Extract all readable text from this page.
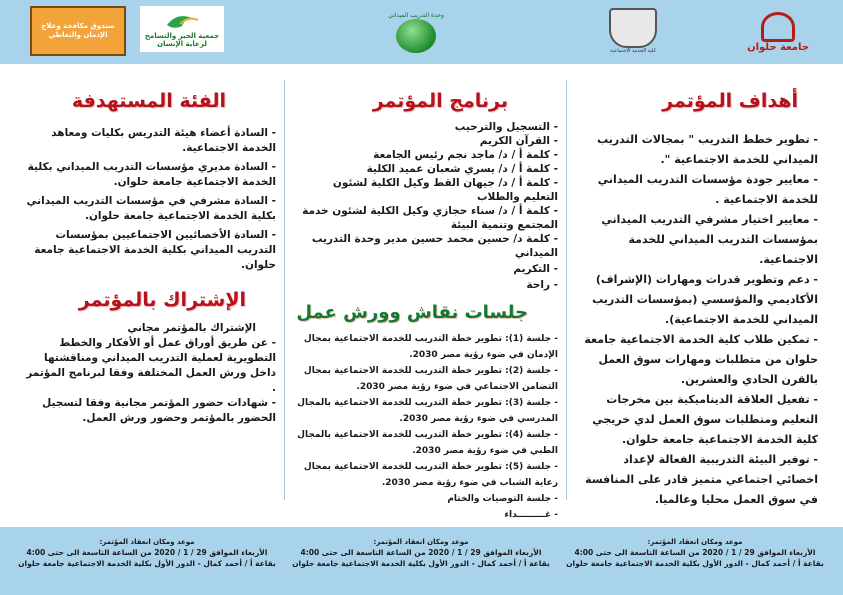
صندوق مكافحة وعلاج الإدمان والتعاطي	جمعية الخير والتسامح لرعاية الإنسان
وحدة التدريب الميداني
كلية الخدمة الاجتماعية	جامعة حلوان
أهداف المؤتمر

- تطوير خطط التدريب " بمجالات التدريب الميداني للخدمة الاجتماعية ".

- معايير جودة مؤسسات التدريب الميداني للخدمة الاجتماعية .

- معايير اختيار مشرفي التدريب الميداني بمؤسسات التدريب الميداني للخدمة الاجتماعية.

- دعم وتطوير قدرات ومهارات (الإشراف) الأكاديمي والمؤسسي (بمؤسسات التدريب الميداني للخدمة الاجتماعية).

- تمكين طلاب كلية الخدمة الاجتماعية جامعة حلوان من متطلبات ومهارات سوق العمل بالقرن الحادي والعشرين.

- تفعيل العلاقة الديناميكية بين مخرجات التعليم ومتطلبات سوق العمل لدي خريجي كلية الخدمة الاجتماعية جامعة حلوان.

- توفير البيئة التدريبية الفعالة لإعداد اخصائي اجتماعي متميز قادر على المنافسة في سوق العمل محليا وعالميا.

برنامج المؤتمر

- التسجيل والترحيب

- القرآن الكريم

- كلمة أ / د/ ماجد نجم رئيس الجامعة

- كلمة أ / د/ يسري شعبان عميد الكلية

- كلمة أ / د/ جيهان القط وكيل الكلية لشئون التعليم والطلاب

- كلمة أ / د/ سناء حجازي وكيل الكلية لشئون خدمة المجتمع وتنمية البيئة

- كلمة د/ حسين محمد حسين مدير وحدة التدريب الميداني

- التكريم

- راحة

جلسات نقاش وورش عمل

- جلسة (1): تطوير خطة التدريب للخدمة الاجتماعية بمجال الإدمان في ضوء رؤية مصر 2030.

- جلسة (2): تطوير خطة التدريب للخدمة الاجتماعية بمجال التضامن الاجتماعي في ضوء رؤية مصر 2030.

- جلسة (3): تطوير خطة التدريب للخدمة الاجتماعية بالمجال المدرسي في ضوء رؤية مصر 2030.

- جلسة (4): تطوير خطة التدريب للخدمة الاجتماعية بالمجال الطبي في ضوء رؤية مصر 2030.

- جلسة (5): تطوير خطة التدريب للخدمة الاجتماعية بمجال رعاية الشباب في ضوء رؤية مصر 2030.

- جلسة التوصيات والختام

- غـــــــــداء

الفئة المستهدفة

- السادة أعضاء هيئة التدريس بكليات ومعاهد الخدمة الاجتماعية.

- السادة مديري مؤسسات التدريب الميداني بكلية الخدمة الاجتماعية جامعة حلوان.

- السادة مشرفي في مؤسسات التدريب الميداني بكلية الخدمة الاجتماعية جامعة حلوان.

- السادة الأخصائيين الاجتماعيين بمؤسسات التدريب الميداني بكلية الخدمة الاجتماعية جامعة حلوان.

الإشتراك بالمؤتمر

الإشتراك بالمؤتمر مجاني

- عن طريق أوراق عمل أو الأفكار والخطط التطويرية لعملية التدريب الميداني ومناقشتها داخل ورش العمل المختلفة وفقا لبرنامج المؤتمر .

- شهادات حضور المؤتمر مجانية وفقا لتسجيل الحضور بالمؤتمر وحضور ورش العمل.

موعد ومكان انعقاد المؤتمر:
الأربعاء الموافق 29 / 1 / 2020 من الساعة التاسعة الى حتى 4:00
بقاعة أ / أحمد كمال - الدور الأول بكلية الخدمة الاجتماعية جامعة حلوان
موعد ومكان انعقاد المؤتمر:
الأربعاء الموافق 29 / 1 / 2020 من الساعة التاسعة الى حتى 4:00
بقاعة أ / أحمد كمال - الدور الأول بكلية الخدمة الاجتماعية جامعة حلوان
موعد ومكان انعقاد المؤتمر:
الأربعاء الموافق 29 / 1 / 2020 من الساعة التاسعة الى حتى 4:00
بقاعة أ / أحمد كمال - الدور الأول بكلية الخدمة الاجتماعية جامعة حلوان
